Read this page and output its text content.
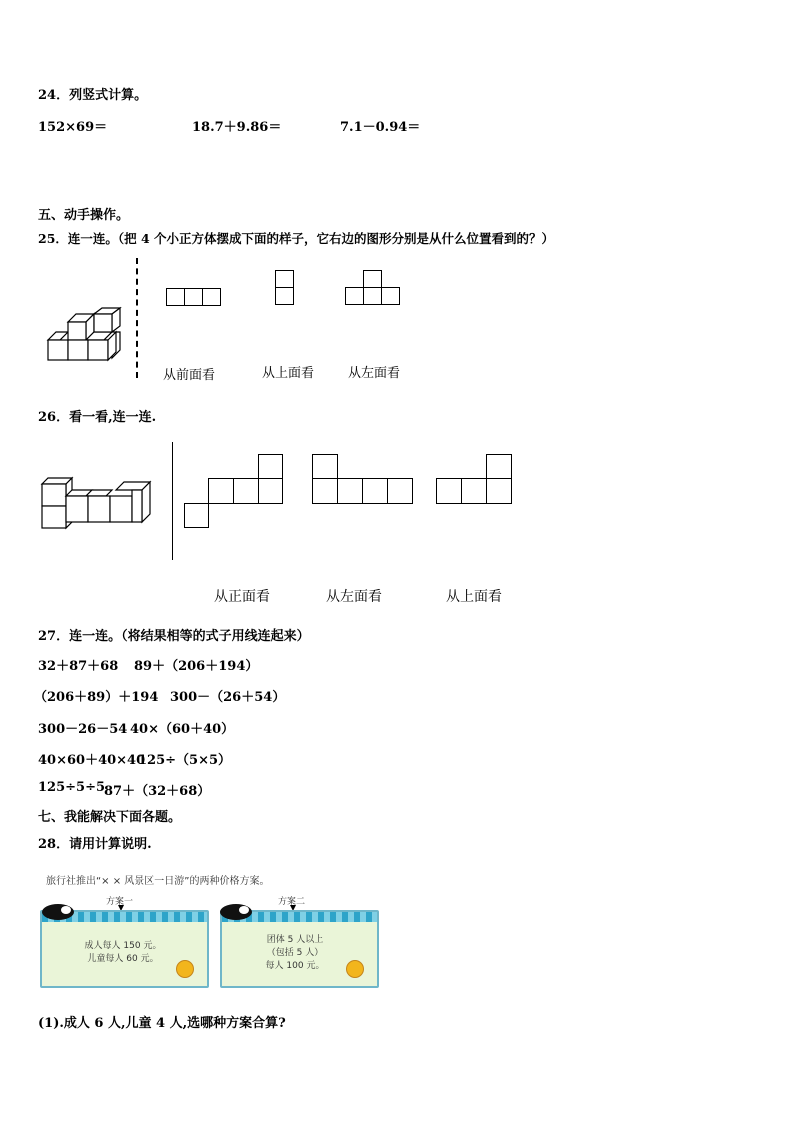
24．列竖式计算。
152×69＝	18.7＋9.86＝	7.1－0.94＝
五、动手操作。
25．连一连。（把 4 个小正方体摆成下面的样子，它右边的图形分别是从什么位置看到的？）
从前面看	从上面看	从左面看
26．看一看,连一连.
从正面看	从左面看	从上面看
27．连一连。（将结果相等的式子用线连起来）
32＋87＋68 89＋（206＋194）
（206＋89）＋194 300－（26＋54）
300－26－54 40×（60＋40）
40×60＋40×40
125÷（5×5）
125÷5÷5
87＋（32＋68）
七、我能解决下面各题。
28．请用计算说明.
旅行社推出“× × 风景区一日游”的两种价格方案。
方案一
成人每人 150 元。
儿童每人 60 元。
方案二
团体 5 人以上
（包括 5 人）
每人 100 元。
(1).成人 6 人,儿童 4 人,选哪种方案合算?
